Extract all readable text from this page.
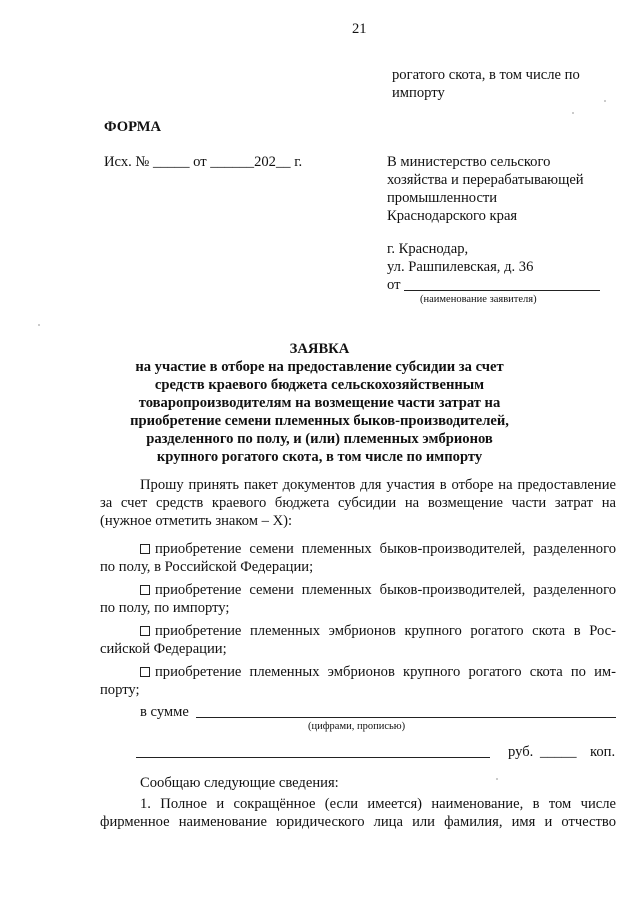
21
рогатого скота, в том числе по
импорту
ФОРМА
Исх. № _____ от ______202__ г.	В министерство сельского
хозяйства и перерабатывающей
промышленности
Краснодарского края
г. Краснодар,
ул. Рашпилевская, д. 36
от
(наименование заявителя)
ЗАЯВКА
на участие в отборе на предоставление субсидии за счет
средств краевого бюджета сельскохозяйственным
товаропроизводителям на возмещение части затрат на
приобретение семени племенных быков-производителей,
разделенного по полу, и (или) племенных эмбрионов
крупного рогатого скота, в том числе по импорту
Прошу принять пакет документов для участия в отборе на предоставление
за счет средств краевого бюджета субсидии на возмещение части затрат на
(нужное отметить знаком – X):
приобретение семени племенных быков-производителей, разделенного
по полу, в Российской Федерации;
приобретение семени племенных быков-производителей, разделенного
по полу, по импорту;
приобретение племенных эмбрионов крупного рогатого скота в Рос-
сийской Федерации;
приобретение племенных эмбрионов крупного рогатого скота по им-
порту;
в сумме
(цифрами, прописью)
руб. _____ коп.
Сообщаю следующие сведения:
1. Полное и сокращённое (если имеется) наименование, в том числе
фирменное наименование юридического лица или фамилия, имя и отчество
